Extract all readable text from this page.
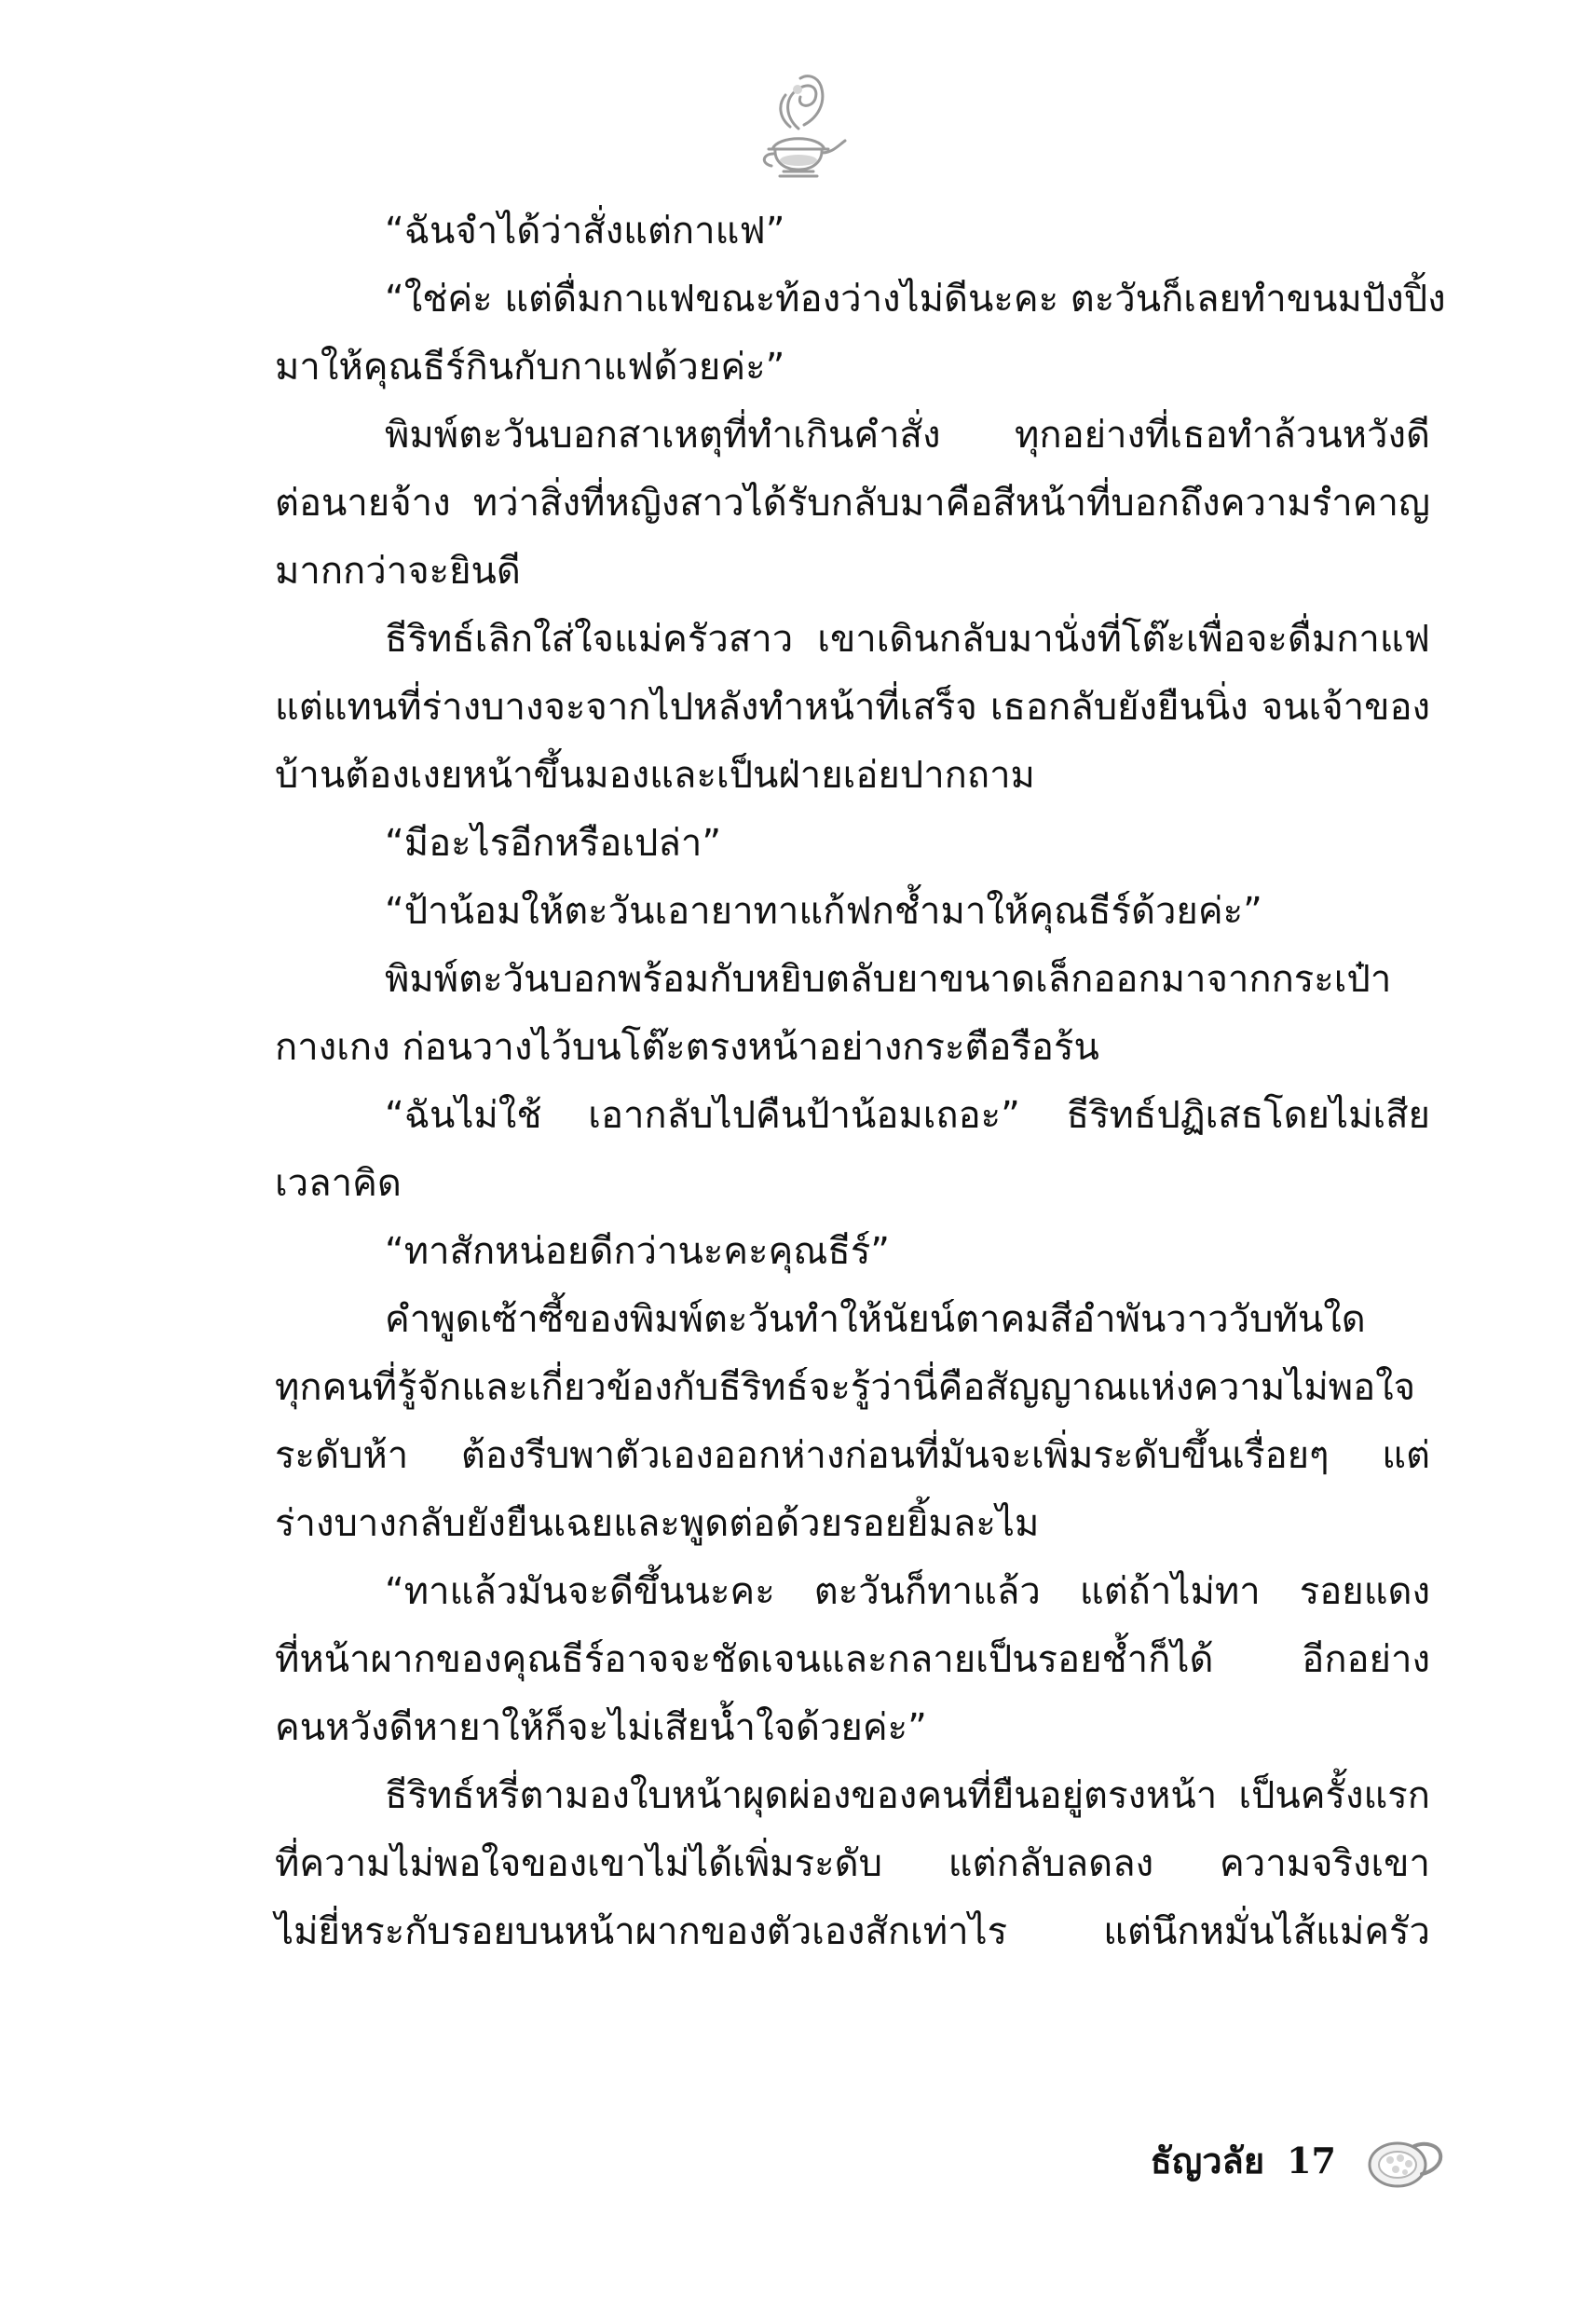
“ฉันจำได้ว่าสั่งแต่กาแฟ”

“ใช่ค่ะ แต่ดื่มกาแฟขณะท้องว่างไม่ดีนะคะ ตะวันก็เลยทำขนมปังปิ้ง
มาให้คุณธีร์กินกับกาแฟด้วยค่ะ”

พิมพ์ตะวันบอกสาเหตุที่ทำเกินคำสั่ง ทุกอย่างที่เธอทำล้วนหวังดี
ต่อนายจ้าง ทว่าสิ่งที่หญิงสาวได้รับกลับมาคือสีหน้าที่บอกถึงความรำคาญ
มากกว่าจะยินดี

ธีริทธ์เลิกใส่ใจแม่ครัวสาว เขาเดินกลับมานั่งที่โต๊ะเพื่อจะดื่มกาแฟ
แต่แทนที่ร่างบางจะจากไปหลังทำหน้าที่เสร็จ เธอกลับยังยืนนิ่ง จนเจ้าของ
บ้านต้องเงยหน้าขึ้นมองและเป็นฝ่ายเอ่ยปากถาม

“มีอะไรอีกหรือเปล่า”

“ป้าน้อมให้ตะวันเอายาทาแก้ฟกช้ำมาให้คุณธีร์ด้วยค่ะ”

พิมพ์ตะวันบอกพร้อมกับหยิบตลับยาขนาดเล็กออกมาจากกระเป๋า
กางเกง ก่อนวางไว้บนโต๊ะตรงหน้าอย่างกระตือรือร้น

“ฉันไม่ใช้ เอากลับไปคืนป้าน้อมเถอะ” ธีริทธ์ปฏิเสธโดยไม่เสีย
เวลาคิด

“ทาสักหน่อยดีกว่านะคะคุณธีร์”

คำพูดเซ้าซี้ของพิมพ์ตะวันทำให้นัยน์ตาคมสีอำพันวาววับทันใด
ทุกคนที่รู้จักและเกี่ยวข้องกับธีริทธ์จะรู้ว่านี่คือสัญญาณแห่งความไม่พอใจ
ระดับห้า ต้องรีบพาตัวเองออกห่างก่อนที่มันจะเพิ่มระดับขึ้นเรื่อยๆ แต่
ร่างบางกลับยังยืนเฉยและพูดต่อด้วยรอยยิ้มละไม

“ทาแล้วมันจะดีขึ้นนะคะ ตะวันก็ทาแล้ว แต่ถ้าไม่ทา รอยแดง
ที่หน้าผากของคุณธีร์อาจจะชัดเจนและกลายเป็นรอยช้ำก็ได้ อีกอย่าง
คนหวังดีหายาให้ก็จะไม่เสียน้ำใจด้วยค่ะ”

ธีริทธ์หรี่ตามองใบหน้าผุดผ่องของคนที่ยืนอยู่ตรงหน้า เป็นครั้งแรก
ที่ความไม่พอใจของเขาไม่ได้เพิ่มระดับ แต่กลับลดลง ความจริงเขา
ไม่ยี่หระกับรอยบนหน้าผากของตัวเองสักเท่าไร แต่นึกหมั่นไส้แม่ครัว

ธัญวลัย 17
